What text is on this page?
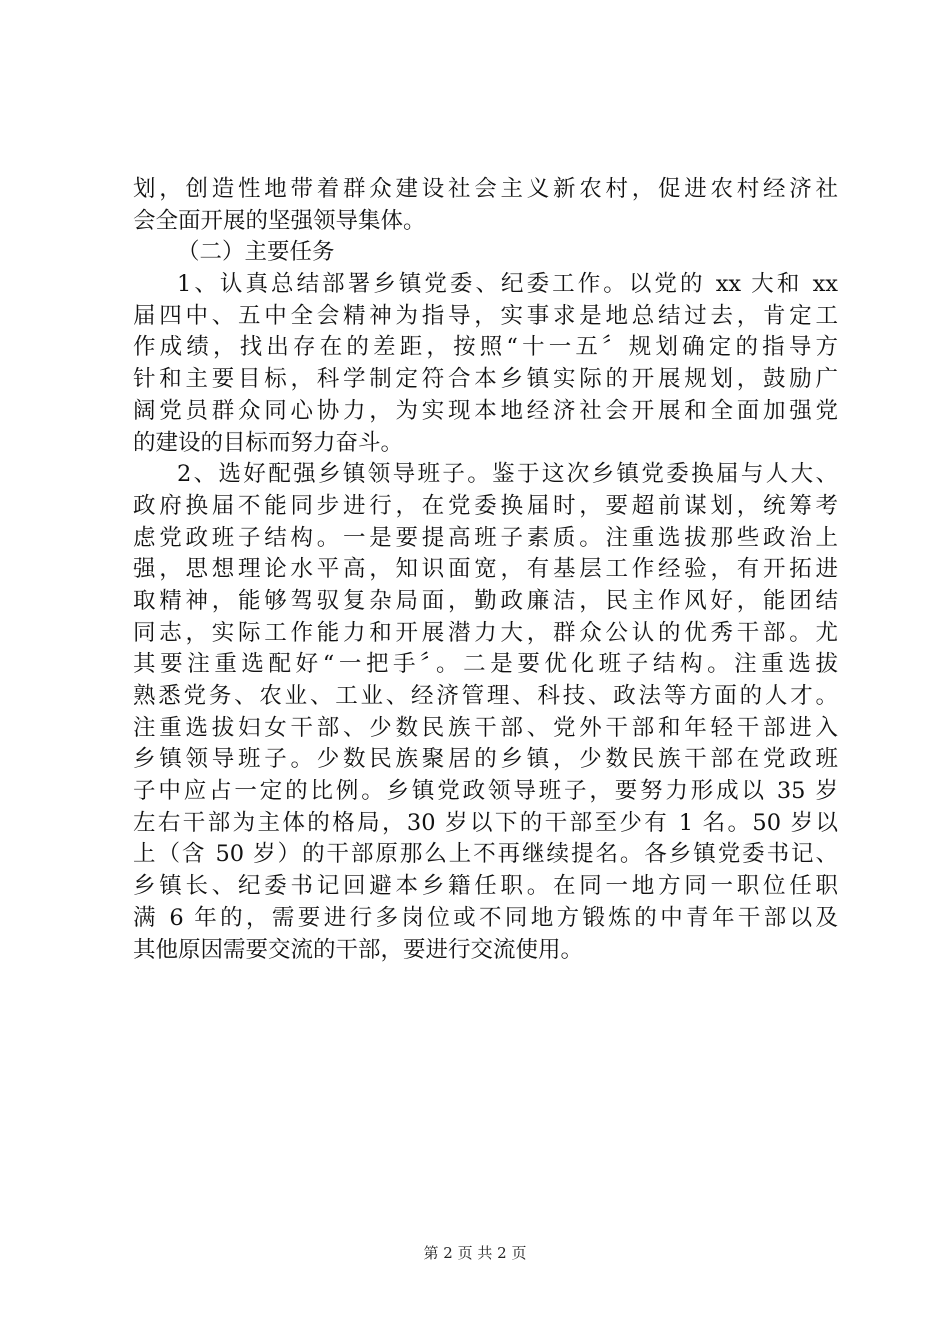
划，创造性地带着群众建设社会主义新农村，促进农村经济社
会全面开展的坚强领导集体。
（二）主要任务
1、认真总结部署乡镇党委、纪委工作。以党的 xx 大和 xx
届四中、五中全会精神为指导，实事求是地总结过去，肯定工
作成绩，找出存在的差距，按照“十一五〞规划确定的指导方
针和主要目标，科学制定符合本乡镇实际的开展规划，鼓励广
阔党员群众同心协力，为实现本地经济社会开展和全面加强党
的建设的目标而努力奋斗。
2、选好配强乡镇领导班子。鉴于这次乡镇党委换届与人大、
政府换届不能同步进行，在党委换届时，要超前谋划，统筹考
虑党政班子结构。一是要提高班子素质。注重选拔那些政治上
强，思想理论水平高，知识面宽，有基层工作经验，有开拓进
取精神，能够驾驭复杂局面，勤政廉洁，民主作风好，能团结
同志，实际工作能力和开展潜力大，群众公认的优秀干部。尤
其要注重选配好“一把手〞。二是要优化班子结构。注重选拔
熟悉党务、农业、工业、经济管理、科技、政法等方面的人才。
注重选拔妇女干部、少数民族干部、党外干部和年轻干部进入
乡镇领导班子。少数民族聚居的乡镇，少数民族干部在党政班
子中应占一定的比例。乡镇党政领导班子，要努力形成以 35 岁
左右干部为主体的格局，30 岁以下的干部至少有 1 名。50 岁以
上（含 50 岁）的干部原那么上不再继续提名。各乡镇党委书记、
乡镇长、纪委书记回避本乡籍任职。在同一地方同一职位任职
满 6 年的，需要进行多岗位或不同地方锻炼的中青年干部以及
其他原因需要交流的干部，要进行交流使用。
第 2 页 共 2 页
